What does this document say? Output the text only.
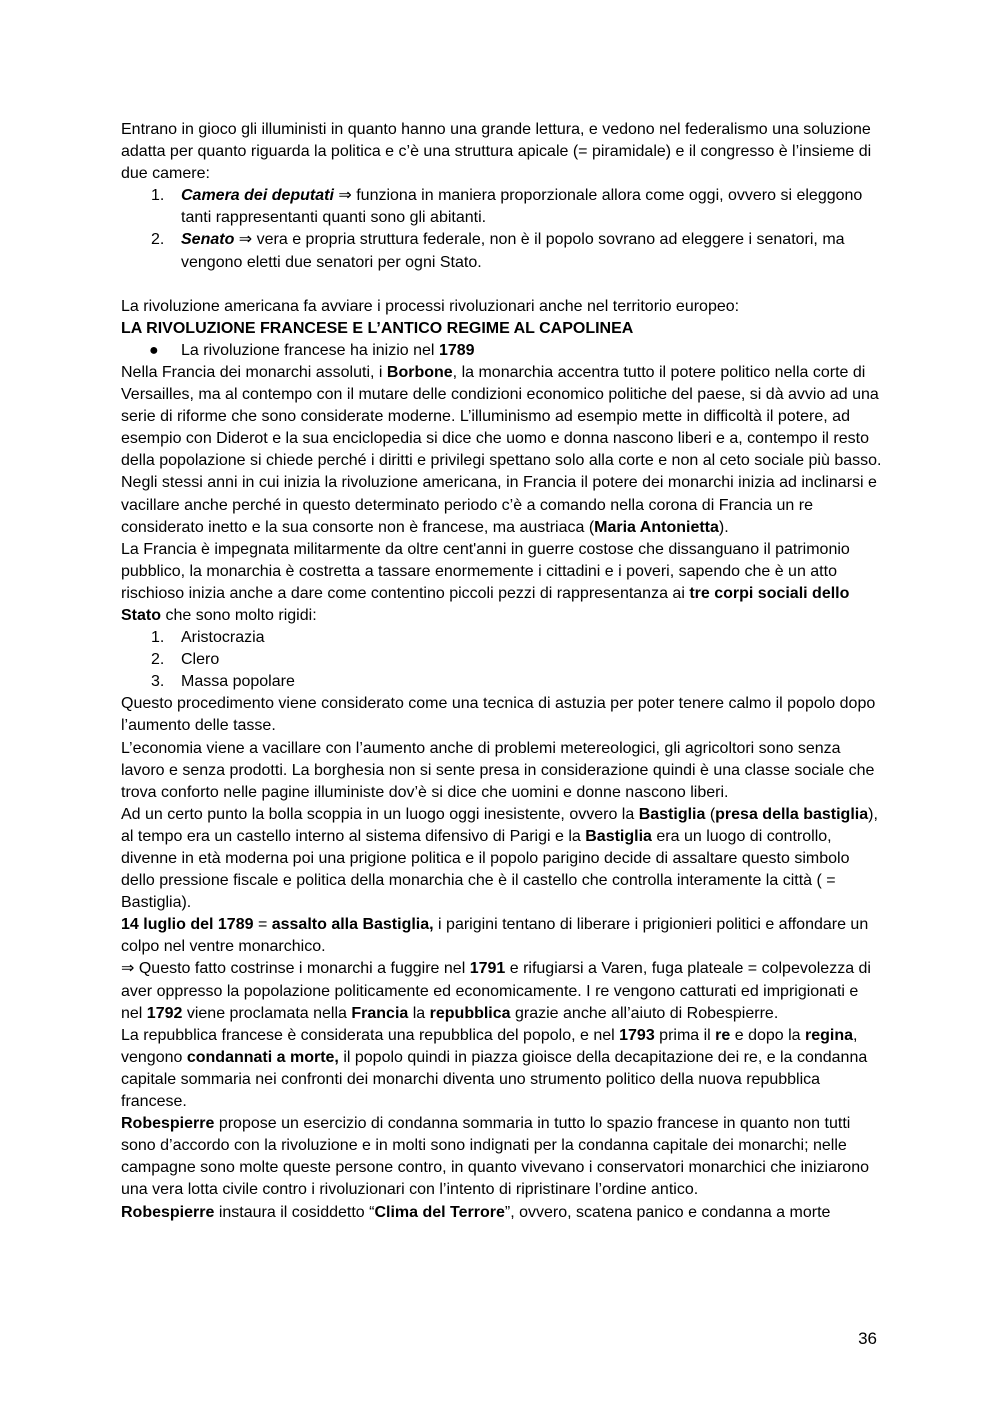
Entrano in gioco gli illuministi in quanto hanno una grande lettura, e vedono nel federalismo una soluzione adatta per quanto riguarda la politica e c’è una struttura apicale (= piramidale) e il congresso è l’insieme di due camere:

1. Camera dei deputati ⇒ funziona in maniera proporzionale allora come oggi, ovvero si eleggono tanti rappresentanti quanti sono gli abitanti.
2. Senato ⇒ vera e propria struttura federale, non è il popolo sovrano ad eleggere i senatori, ma vengono eletti due senatori per ogni Stato.

La rivoluzione americana fa avviare i processi rivoluzionari anche nel territorio europeo:

LA RIVOLUZIONE FRANCESE E L’ANTICO REGIME AL CAPOLINEA

● La rivoluzione francese ha inizio nel 1789

Nella Francia dei monarchi assoluti, i Borbone, la monarchia accentra tutto il potere politico nella corte di Versailles, ma al contempo con il mutare delle condizioni economico politiche del paese, si dà avvio ad una serie di riforme che sono considerate moderne. L’illuminismo ad esempio mette in difficoltà il potere, ad esempio con Diderot e la sua enciclopedia si dice che uomo e donna nascono liberi e a, contempo il resto della popolazione si chiede perché i diritti e privilegi spettano solo alla corte e non al ceto sociale più basso.

Negli stessi anni in cui inizia la rivoluzione americana, in Francia il potere dei monarchi inizia ad inclinarsi e vacillare anche perché in questo determinato periodo c’è a comando nella corona di Francia un re considerato inetto e la sua consorte non è francese, ma austriaca (Maria Antonietta).

La Francia è impegnata militarmente da oltre cent'anni in guerre costose che dissanguano il patrimonio pubblico, la monarchia è costretta a tassare enormemente i cittadini e i poveri, sapendo che è un atto rischioso inizia anche a dare come contentino piccoli pezzi di rappresentanza ai tre corpi sociali dello Stato che sono molto rigidi:

1. Aristocrazia
2. Clero
3. Massa popolare

Questo procedimento viene considerato come una tecnica di astuzia per poter tenere calmo il popolo dopo l’aumento delle tasse.

L’economia viene a vacillare con l’aumento anche di problemi metereologici, gli agricoltori sono senza lavoro e senza prodotti. La borghesia non si sente presa in considerazione quindi è una classe sociale che trova conforto nelle pagine illuministe dov’è si dice che uomini e donne nascono liberi.

Ad un certo punto la bolla scoppia in un luogo oggi inesistente, ovvero la Bastiglia (presa della bastiglia), al tempo era un castello interno al sistema difensivo di Parigi e la Bastiglia era un luogo di controllo, divenne in età moderna poi una prigione politica e il popolo parigino decide di assaltare questo simbolo dello pressione fiscale e politica della monarchia che è il castello che controlla interamente la città ( = Bastiglia).

14 luglio del 1789 = assalto alla Bastiglia, i parigini tentano di liberare i prigionieri politici e affondare un colpo nel ventre monarchico.

⇒ Questo fatto costrinse i monarchi a fuggire nel 1791 e rifugiarsi a Varen, fuga plateale = colpevolezza di aver oppresso la popolazione politicamente ed economicamente. I re vengono catturati ed imprigionati e nel 1792 viene proclamata nella Francia la repubblica grazie anche all’aiuto di Robespierre.

La repubblica francese è considerata una repubblica del popolo, e nel 1793 prima il re e dopo la regina, vengono condannati a morte, il popolo quindi in piazza gioisce della decapitazione dei re, e la condanna capitale sommaria nei confronti dei monarchi diventa uno strumento politico della nuova repubblica francese.

Robespierre propose un esercizio di condanna sommaria in tutto lo spazio francese in quanto non tutti sono d’accordo con la rivoluzione e in molti sono indignati per la condanna capitale dei monarchi; nelle campagne sono molte queste persone contro, in quanto vivevano i conservatori monarchici che iniziarono una vera lotta civile contro i rivoluzionari con l’intento di ripristinare l’ordine antico.

Robespierre instaura il cosiddetto “Clima del Terrore”, ovvero, scatena panico e condanna a morte

36
